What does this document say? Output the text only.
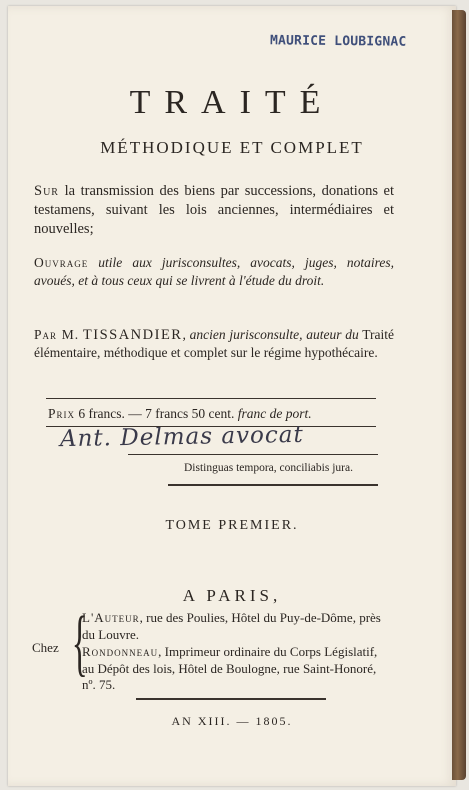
MAURICE LOUBIGNAC
TRAITÉ
MÉTHODIQUE ET COMPLET
Sur la transmission des biens par successions, donations et testamens, suivant les lois anciennes, intermédiaires et nouvelles;
Ouvrage utile aux jurisconsultes, avocats, juges, notaires, avoués, et à tous ceux qui se livrent à l'étude du droit.
Par M. TISSANDIER, ancien jurisconsulte, auteur du Traité élémentaire, méthodique et complet sur le régime hypothécaire.
Prix 6 francs. — 7 francs 50 cent. franc de port.
Ant. Delmas avocat
Distinguas tempora, conciliabis jura.
TOME PREMIER.
A PARIS,
Chez {
L'Auteur, rue des Poulies, Hôtel du Puy-de-Dôme, près du Louvre.
Rondonneau, Imprimeur ordinaire du Corps Législatif, au Dépôt des lois, Hôtel de Boulogne, rue Saint-Honoré, nº. 75.
AN XIII. — 1805.
